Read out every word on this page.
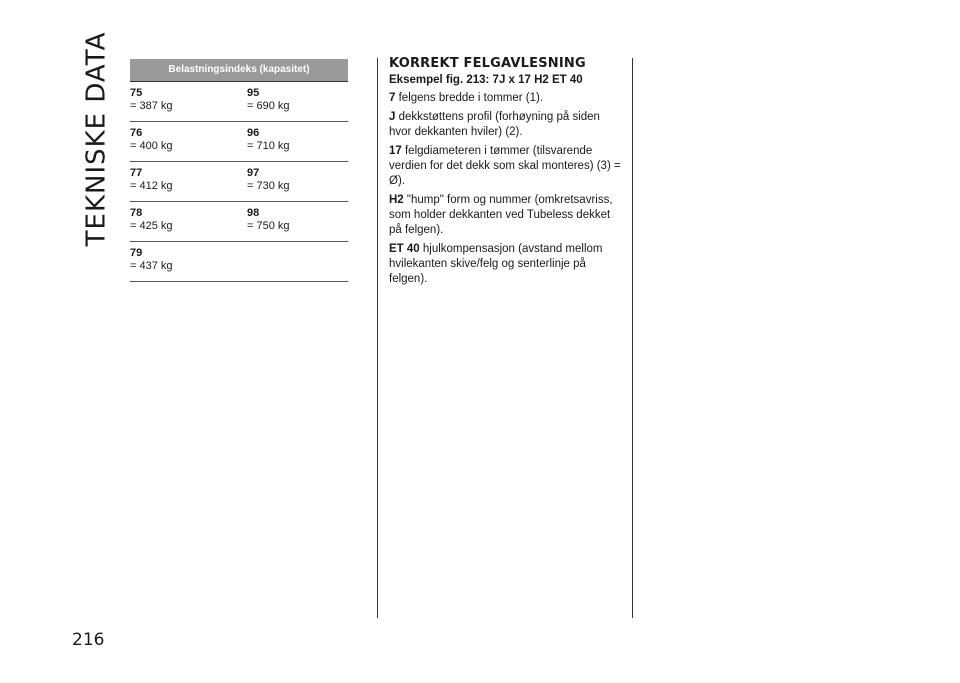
TEKNISKE DATA
216
Belastningsindeks (kapasitet)
75
= 387 kg
95
= 690 kg
76
= 400 kg
96
= 710 kg
77
= 412 kg
97
= 730 kg
78
= 425 kg
98
= 750 kg
79
= 437 kg
KORREKT FELGAVLESNING
Eksempel fig. 213: 7J x 17 H2 ET 40

7 felgens bredde i tommer (1).

J dekkstøttens profil (forhøyning på siden hvor dekkanten hviler) (2).

17 felgdiameteren i tømmer (tilsvarende verdien for det dekk som skal monteres) (3) = Ø).

H2 "hump" form og nummer (omkretsavriss, som holder dekkanten ved Tubeless dekket på felgen).

ET 40 hjulkompensasjon (avstand mellom hvilekanten skive/felg og senterlinje på felgen).
